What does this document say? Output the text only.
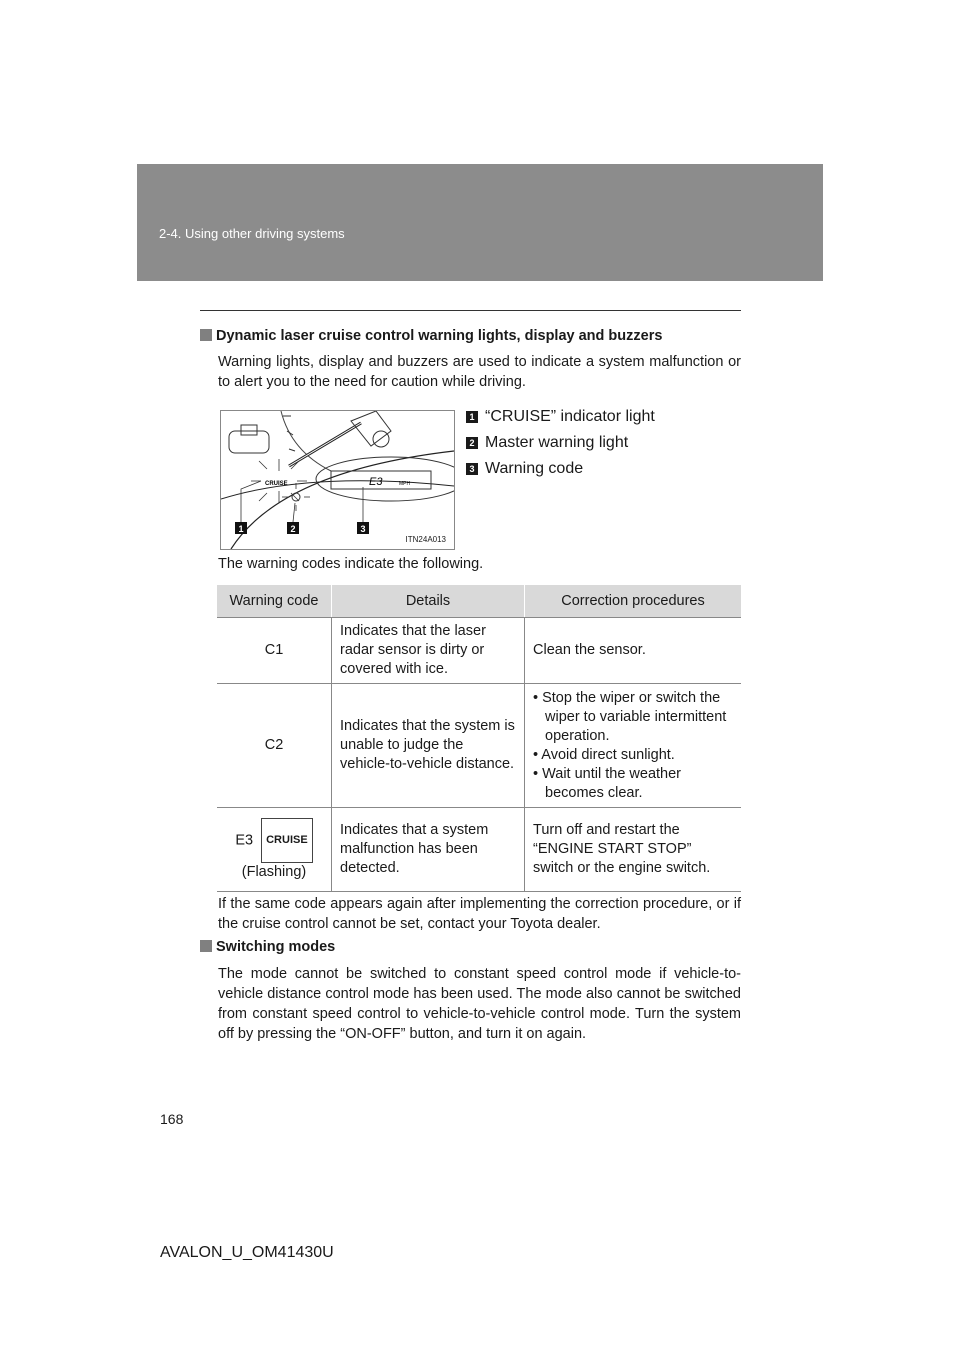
2-4. Using other driving systems
Dynamic laser cruise control warning lights, display and buzzers
Warning lights, display and buzzers are used to indicate a system malfunction or to alert you to the need for caution while driving.
1	2	3
CRUISE	E3	MPH
ITN24A013
1 “CRUISE” indicator light
2 Master warning light
3 Warning code
The warning codes indicate the following.
Warning code	Details	Correction procedures
C1	Indicates that the laser radar sensor is dirty or covered with ice.	Clean the sensor.
C2	Indicates that the system is unable to judge the vehicle-to-vehicle distance.	• Stop the wiper or switch the wiper to variable intermittent operation.
• Avoid direct sunlight.
• Wait until the weather becomes clear.

E3 CRUISE
(Flashing)	Indicates that a system malfunction has been detected.	Turn off and restart the “ENGINE START STOP” switch or the engine switch.
If the same code appears again after implementing the correction procedure, or if the cruise control cannot be set, contact your Toyota dealer.
Switching modes
The mode cannot be switched to constant speed control mode if vehicle-to-vehicle distance control mode has been used. The mode also cannot be switched from constant speed control to vehicle-to-vehicle control mode. Turn the system off by pressing the “ON-OFF” button, and turn it on again.
168
AVALON_U_OM41430U
